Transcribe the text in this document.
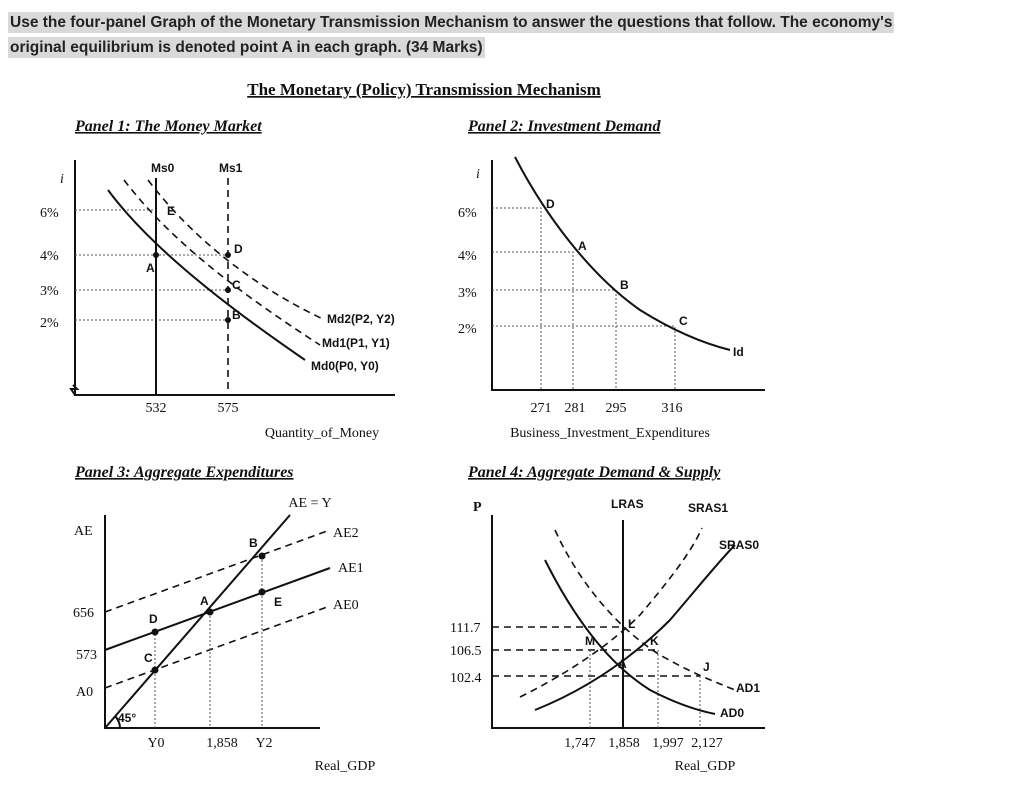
Use the four-panel Graph of the Monetary Transmission Mechanism to answer the questions that follow. The economy's
original equilibrium is denoted point A in each graph. (34 Marks)
The Monetary (Policy) Transmission Mechanism
Panel 1: The Money Market
i
6%
4%
3%
2%
Ms0	Ms1
Md2(P2, Y2)
Md1(P1, Y1)
Md0(P0, Y0)
532	575
Quantity_of_Money
A
E
D
C
B
Panel 2: Investment Demand
i
6%
4%
3%
2%
Id
D
A
B
C
271 281 295	316
Business_Investment_Expenditures
Panel 3: Aggregate Expenditures
AE
656
573
A0
AE = Y
45°
AE2
AE1
AE0
D
C
A
B
E
Y0	1,858 Y2
Real_GDP
Panel 4: Aggregate Demand & Supply
P
111.7
106.5
102.4
LRAS	SRAS1
SRAS0
AD1
AD0
A
M
L
K
J
1,747 1,858 1,997 2,127
Real_GDP
